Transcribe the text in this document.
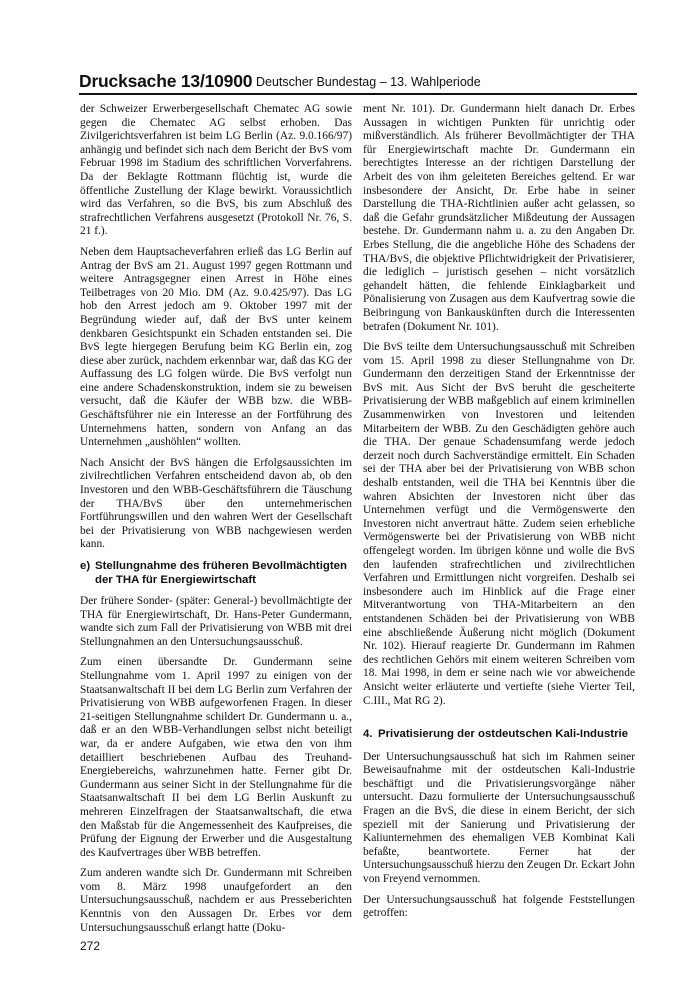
Drucksache 13/10900 Deutscher Bundestag – 13. Wahlperiode

der Schweizer Erwerbergesellschaft Chematec AG sowie gegen die Chematec AG selbst erhoben. Das Zivilgerichtsverfahren ist beim LG Berlin (Az. 9.0.166/97) anhängig und befindet sich nach dem Bericht der BvS vom Februar 1998 im Stadium des schriftlichen Vorverfahrens. Da der Beklagte Rottmann flüchtig ist, wurde die öffentliche Zustellung der Klage bewirkt. Voraussichtlich wird das Verfahren, so die BvS, bis zum Abschluß des strafrechtlichen Verfahrens ausgesetzt (Protokoll Nr. 76, S. 21 f.).

Neben dem Hauptsacheverfahren erließ das LG Berlin auf Antrag der BvS am 21. August 1997 gegen Rottmann und weitere Antragsgegner einen Arrest in Höhe eines Teilbetrages von 20 Mio. DM (Az. 9.0.425/97). Das LG hob den Arrest jedoch am 9. Oktober 1997 mit der Begründung wieder auf, daß der BvS unter keinem denkbaren Gesichtspunkt ein Schaden entstanden sei. Die BvS legte hiergegen Berufung beim KG Berlin ein, zog diese aber zurück, nachdem erkennbar war, daß das KG der Auffassung des LG folgen würde. Die BvS verfolgt nun eine andere Schadenskonstruktion, indem sie zu beweisen versucht, daß die Käufer der WBB bzw. die WBB-Geschäftsführer nie ein Interesse an der Fortführung des Unternehmens hatten, sondern von Anfang an das Unternehmen „aushöhlen“ wollten.

Nach Ansicht der BvS hängen die Erfolgsaussichten im zivilrechtlichen Verfahren entscheidend davon ab, ob den Investoren und den WBB-Geschäftsführern die Täuschung der THA/BvS über den unternehmerischen Fortführungswillen und den wahren Wert der Gesellschaft bei der Privatisierung von WBB nachgewiesen werden kann.

e) Stellungnahme des früheren Bevollmächtigten der THA für Energiewirtschaft

Der frühere Sonder- (später: General-) bevollmächtigte der THA für Energiewirtschaft, Dr. Hans-Peter Gundermann, wandte sich zum Fall der Privatisierung von WBB mit drei Stellungnahmen an den Untersuchungsausschuß.

Zum einen übersandte Dr. Gundermann seine Stellungnahme vom 1. April 1997 zu einigen von der Staatsanwaltschaft II bei dem LG Berlin zum Verfahren der Privatisierung von WBB aufgeworfenen Fragen. In dieser 21-seitigen Stellungnahme schildert Dr. Gundermann u. a., daß er an den WBB-Verhandlungen selbst nicht beteiligt war, da er andere Aufgaben, wie etwa den von ihm detailliert beschriebenen Aufbau des Treuhand-Energiebereichs, wahrzunehmen hatte. Ferner gibt Dr. Gundermann aus seiner Sicht in der Stellungnahme für die Staatsanwaltschaft II bei dem LG Berlin Auskunft zu mehreren Einzelfragen der Staatsanwaltschaft, die etwa den Maßstab für die Angemessenheit des Kaufpreises, die Prüfung der Eignung der Erwerber und die Ausgestaltung des Kaufvertrages über WBB betreffen.

Zum anderen wandte sich Dr. Gundermann mit Schreiben vom 8. März 1998 unaufgefordert an den Untersuchungsausschuß, nachdem er aus Presseberichten Kenntnis von den Aussagen Dr. Erbes vor dem Untersuchungsausschuß erlangt hatte (Doku-

ment Nr. 101). Dr. Gundermann hielt danach Dr. Erbes Aussagen in wichtigen Punkten für unrichtig oder mißverständlich. Als früherer Bevollmächtigter der THA für Energiewirtschaft machte Dr. Gundermann ein berechtigtes Interesse an der richtigen Darstellung der Arbeit des von ihm geleiteten Bereiches geltend. Er war insbesondere der Ansicht, Dr. Erbe habe in seiner Darstellung die THA-Richtlinien außer acht gelassen, so daß die Gefahr grundsätzlicher Mißdeutung der Aussagen bestehe. Dr. Gundermann nahm u. a. zu den Angaben Dr. Erbes Stellung, die die angebliche Höhe des Schadens der THA/BvS, die objektive Pflichtwidrigkeit der Privatisierer, die lediglich – juristisch gesehen – nicht vorsätzlich gehandelt hätten, die fehlende Einklagbarkeit und Pönalisierung von Zusagen aus dem Kaufvertrag sowie die Beibringung von Bankauskünften durch die Interessenten betrafen (Dokument Nr. 101).

Die BvS teilte dem Untersuchungsausschuß mit Schreiben vom 15. April 1998 zu dieser Stellungnahme von Dr. Gundermann den derzeitigen Stand der Erkenntnisse der BvS mit. Aus Sicht der BvS beruht die gescheiterte Privatisierung der WBB maßgeblich auf einem kriminellen Zusammenwirken von Investoren und leitenden Mitarbeitern der WBB. Zu den Geschädigten gehöre auch die THA. Der genaue Schadensumfang werde jedoch derzeit noch durch Sachverständige ermittelt. Ein Schaden sei der THA aber bei der Privatisierung von WBB schon deshalb entstanden, weil die THA bei Kenntnis über die wahren Absichten der Investoren nicht über das Unternehmen verfügt und die Vermögenswerte den Investoren nicht anvertraut hätte. Zudem seien erhebliche Vermögenswerte bei der Privatisierung von WBB nicht offengelegt worden. Im übrigen könne und wolle die BvS den laufenden strafrechtlichen und zivilrechtlichen Verfahren und Ermittlungen nicht vorgreifen. Deshalb sei insbesondere auch im Hinblick auf die Frage einer Mitverantwortung von THA-Mitarbeitern an den entstandenen Schäden bei der Privatisierung von WBB eine abschließende Äußerung nicht möglich (Dokument Nr. 102). Hierauf reagierte Dr. Gundermann im Rahmen des rechtlichen Gehörs mit einem weiteren Schreiben vom 18. Mai 1998, in dem er seine nach wie vor abweichende Ansicht weiter erläuterte und vertiefte (siehe Vierter Teil, C.III., Mat RG 2).

4. Privatisierung der ostdeutschen Kali-Industrie

Der Untersuchungsausschuß hat sich im Rahmen seiner Beweisaufnahme mit der ostdeutschen Kali-Industrie beschäftigt und die Privatisierungsvorgänge näher untersucht. Dazu formulierte der Untersuchungsausschuß Fragen an die BvS, die diese in einem Bericht, der sich speziell mit der Sanierung und Privatisierung der Kaliunternehmen des ehemaligen VEB Kombinat Kali befaßte, beantwortete. Ferner hat der Untersuchungsausschuß hierzu den Zeugen Dr. Eckart John von Freyend vernommen.

Der Untersuchungsausschuß hat folgende Feststellungen getroffen:

272
